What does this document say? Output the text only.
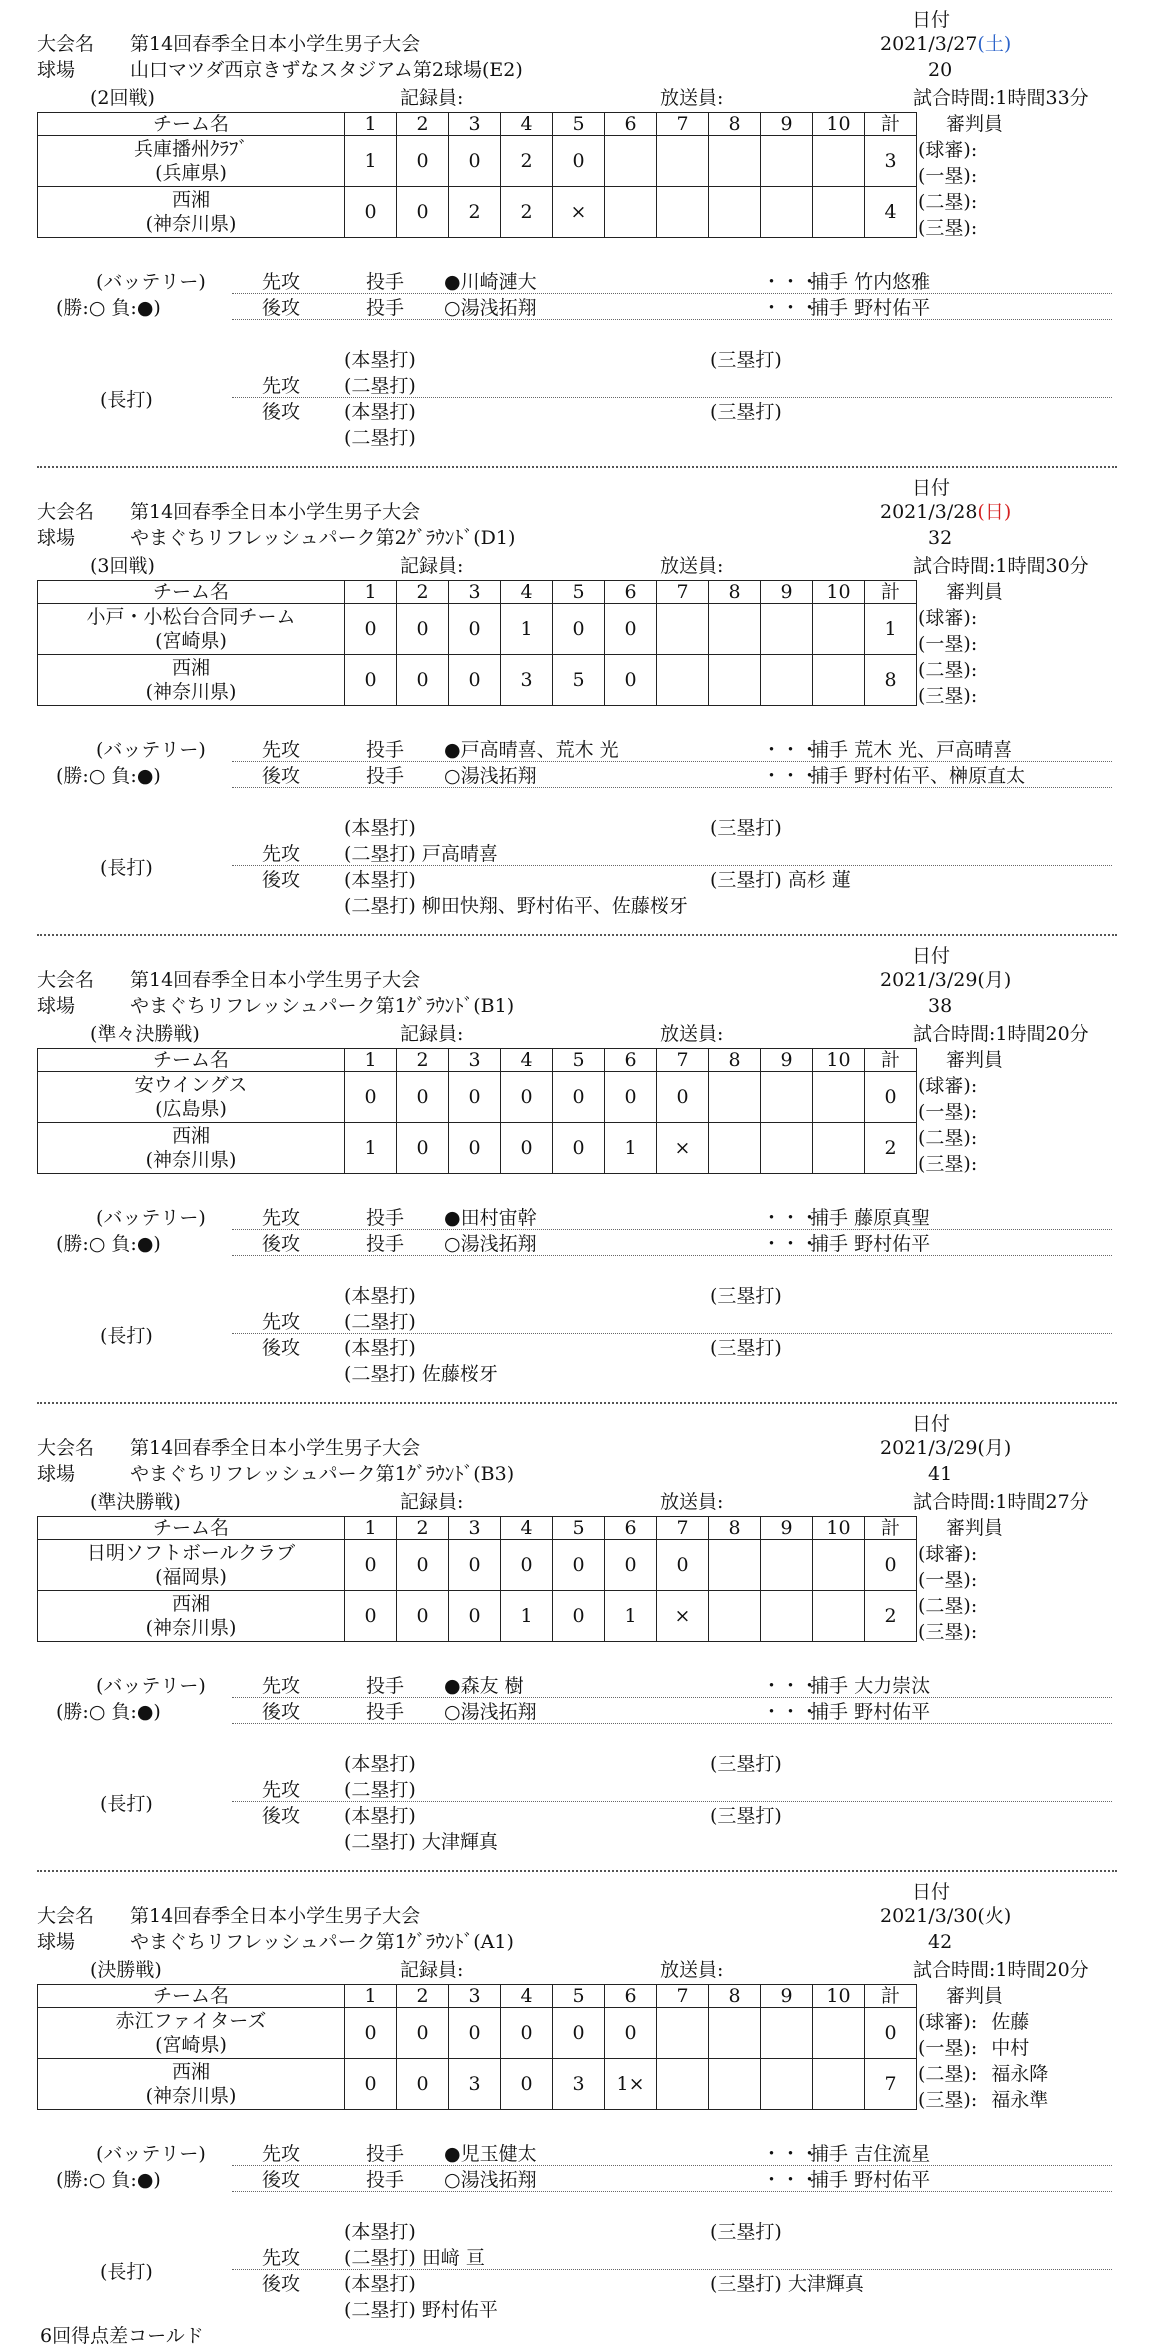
日付
大会名 第14回春季全日本小学生男子大会
球場	山口マツダ西京きずなスタジアム第2球場(E2)
2021/3/27(土)
20
(2回戦)	記録員:	放送員:	試合時間:1時間33分
チーム名	1	2	3	4	5	6	7	8	9	10	計

兵庫播州ｸﾗﾌﾞ
(兵庫県)	1	0	0	2	0						3

西湘
(神奈川県)	0	0	2	2	×						4
審判員
(球審):
(一塁):
(二塁):
(三塁):
(バッテリー)
(勝:○ 負:●)
先攻	投手 ●川崎漣大	・・・
捕手 竹内悠雅
後攻	投手 ○湯浅拓翔	・・・
捕手 野村佑平
(長打)
(本塁打)	(三塁打)
先攻 (二塁打)
後攻 (本塁打)	(三塁打)
(二塁打)
日付
大会名 第14回春季全日本小学生男子大会
球場	やまぐちリフレッシュパーク第2ｸﾞﾗｳﾝﾄﾞ(D1)
2021/3/28(日)
32
(3回戦)	記録員:	放送員:	試合時間:1時間30分
チーム名	1	2	3	4	5	6	7	8	9	10	計

小戸・小松台合同チーム
(宮崎県)	0	0	0	1	0	0					1

西湘
(神奈川県)	0	0	0	3	5	0					8
審判員
(球審):
(一塁):
(二塁):
(三塁):
(バッテリー)
(勝:○ 負:●)
先攻	投手 ●戸高晴喜、荒木 光	・・・
捕手 荒木 光、戸高晴喜
後攻	投手 ○湯浅拓翔	・・・
捕手 野村佑平、榊原直太
(長打)
(本塁打)	(三塁打)
先攻 (二塁打) 戸高晴喜
後攻 (本塁打)	(三塁打) 高杉 蓮
(二塁打) 柳田快翔、野村佑平、佐藤桜牙
日付
大会名 第14回春季全日本小学生男子大会
球場	やまぐちリフレッシュパーク第1ｸﾞﾗｳﾝﾄﾞ(B1)
2021/3/29(月)
38
(準々決勝戦)	記録員:	放送員:	試合時間:1時間20分
チーム名	1	2	3	4	5	6	7	8	9	10	計

安ウイングス
(広島県)	0	0	0	0	0	0	0				0

西湘
(神奈川県)	1	0	0	0	0	1	×				2
審判員
(球審):
(一塁):
(二塁):
(三塁):
(バッテリー)
(勝:○ 負:●)
先攻	投手 ●田村宙幹	・・・
捕手 藤原真聖
後攻	投手 ○湯浅拓翔	・・・
捕手 野村佑平
(長打)
(本塁打)	(三塁打)
先攻 (二塁打)
後攻 (本塁打)	(三塁打)
(二塁打) 佐藤桜牙
日付
大会名 第14回春季全日本小学生男子大会
球場	やまぐちリフレッシュパーク第1ｸﾞﾗｳﾝﾄﾞ(B3)
2021/3/29(月)
41
(準決勝戦)	記録員:	放送員:	試合時間:1時間27分
チーム名	1	2	3	4	5	6	7	8	9	10	計

日明ソフトボールクラブ
(福岡県)	0	0	0	0	0	0	0				0

西湘
(神奈川県)	0	0	0	1	0	1	×				2
審判員
(球審):
(一塁):
(二塁):
(三塁):
(バッテリー)
(勝:○ 負:●)
先攻	投手 ●森友 樹	・・・
捕手 大力崇汰
後攻	投手 ○湯浅拓翔	・・・
捕手 野村佑平
(長打)
(本塁打)	(三塁打)
先攻 (二塁打)
後攻 (本塁打)	(三塁打)
(二塁打) 大津輝真
日付
大会名 第14回春季全日本小学生男子大会
球場	やまぐちリフレッシュパーク第1ｸﾞﾗｳﾝﾄﾞ(A1)
2021/3/30(火)
42
(決勝戦)	記録員:	放送員:	試合時間:1時間20分
チーム名	1	2	3	4	5	6	7	8	9	10	計

赤江ファイターズ
(宮崎県)	0	0	0	0	0	0					0

西湘
(神奈川県)	0	0	3	0	3	1×					7
審判員
(球審): 佐藤
(一塁): 中村
(二塁): 福永降
(三塁): 福永準
(バッテリー)
(勝:○ 負:●)
先攻	投手 ●児玉健太	・・・
捕手 吉住流星
後攻	投手 ○湯浅拓翔	・・・
捕手 野村佑平
(長打)
(本塁打)	(三塁打)
先攻 (二塁打) 田﨑 亘
後攻 (本塁打)	(三塁打) 大津輝真
(二塁打) 野村佑平
6回得点差コールド
